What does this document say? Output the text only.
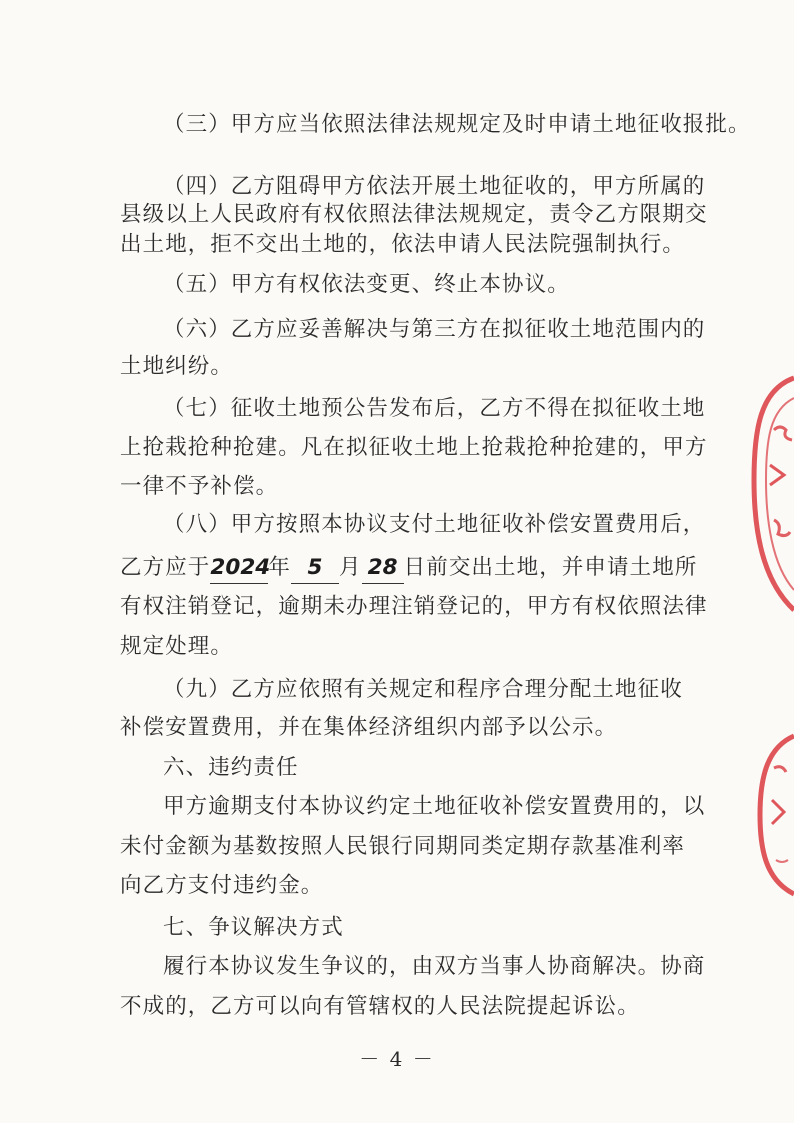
（三）甲方应当依照法律法规规定及时申请土地征收报批。
（四）乙方阻碍甲方依法开展土地征收的，甲方所属的
县级以上人民政府有权依照法律法规规定，责令乙方限期交
出土地，拒不交出土地的，依法申请人民法院强制执行。
（五）甲方有权依法变更、终止本协议。
（六）乙方应妥善解决与第三方在拟征收土地范围内的
土地纠纷。
（七）征收土地预公告发布后，乙方不得在拟征收土地
上抢栽抢种抢建。凡在拟征收土地上抢栽抢种抢建的，甲方
一律不予补偿。
（八）甲方按照本协议支付土地征收补偿安置费用后，
乙方应于2024年 5 月 28 日前交出土地，并申请土地所
有权注销登记，逾期未办理注销登记的，甲方有权依照法律
规定处理。
（九）乙方应依照有关规定和程序合理分配土地征收
补偿安置费用，并在集体经济组织内部予以公示。
六、违约责任
甲方逾期支付本协议约定土地征收补偿安置费用的，以
未付金额为基数按照人民银行同期同类定期存款基准利率
向乙方支付违约金。
七、争议解决方式
履行本协议发生争议的，由双方当事人协商解决。协商
不成的，乙方可以向有管辖权的人民法院提起诉讼。
－ 4 －
